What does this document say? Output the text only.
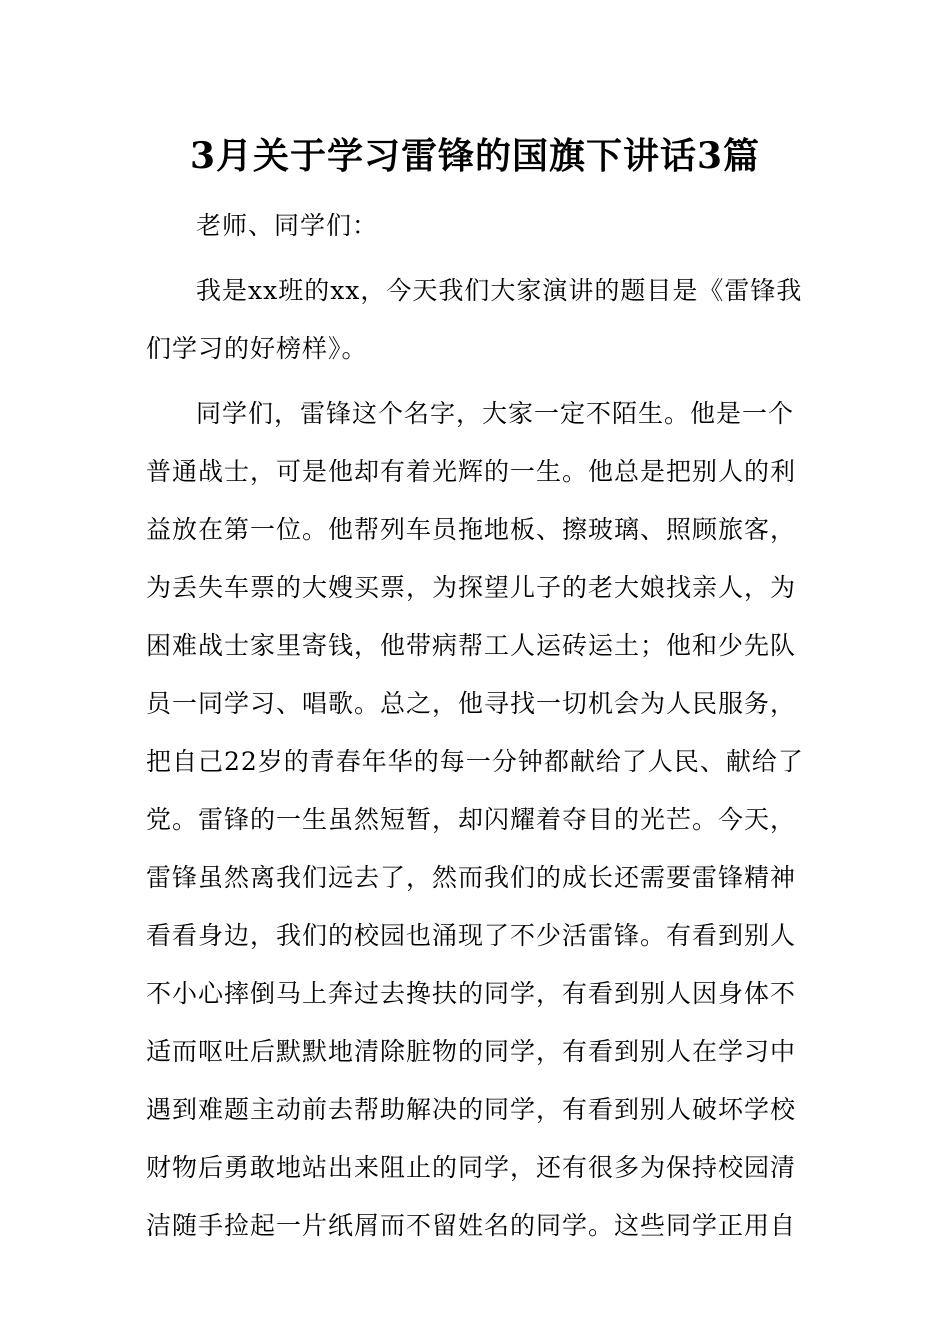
3月关于学习雷锋的国旗下讲话3篇

老师、同学们：

我是xx班的xx，今天我们大家演讲的题目是《雷锋我
们学习的好榜样》。

同学们，雷锋这个名字，大家一定不陌生。他是一个
普通战士，可是他却有着光辉的一生。他总是把别人的利
益放在第一位。他帮列车员拖地板、擦玻璃、照顾旅客，
为丢失车票的大嫂买票，为探望儿子的老大娘找亲人，为
困难战士家里寄钱，他带病帮工人运砖运土；他和少先队
员一同学习、唱歌。总之，他寻找一切机会为人民服务，
把自己22岁的青春年华的每一分钟都献给了人民、献给了
党。雷锋的一生虽然短暂，却闪耀着夺目的光芒。今天，
雷锋虽然离我们远去了，然而我们的成长还需要雷锋精神
看看身边，我们的校园也涌现了不少活雷锋。有看到别人
不小心摔倒马上奔过去搀扶的同学，有看到别人因身体不
适而呕吐后默默地清除脏物的同学，有看到别人在学习中
遇到难题主动前去帮助解决的同学，有看到别人破坏学校
财物后勇敢地站出来阻止的同学，还有很多为保持校园清
洁随手捡起一片纸屑而不留姓名的同学。这些同学正用自
